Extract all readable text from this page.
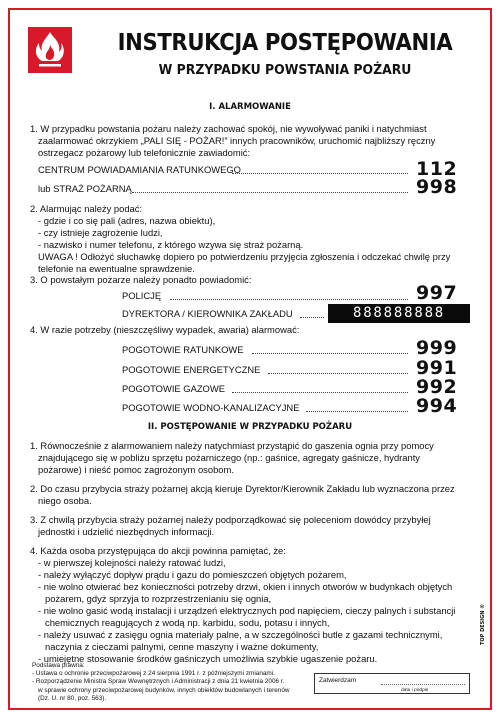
INSTRUKCJA POSTĘPOWANIA
W PRZYPADKU POWSTANIA POŻARU
I. ALARMOWANIE
1. W przypadku powstania pożaru należy zachować spokój, nie wywoływać paniki i natychmiast
zaalarmować okrzykiem „PALI SIĘ - POŻAR!” innych pracowników, uruchomić najbliższy ręczny
ostrzegacz pożarowy lub telefonicznie zawiadomić:
CENTRUM POWIADAMIANIA RATUNKOWEGO	112
lub STRAŻ POŻARNĄ	998
2. Alarmując należy podać:
- gdzie i co się pali (adres, nazwa obiektu),
- czy istnieje zagrożenie ludzi,
- nazwisko i numer telefonu, z którego wzywa się straż pożarną.
UWAGA ! Odłożyć słuchawkę dopiero po potwierdzeniu przyjęcia zgłoszenia i odczekać chwilę przy
telefonie na ewentualne sprawdzenie.
3. O powstałym pożarze należy ponadto powiadomić:
POLICJĘ	997
DYREKTORA / KIEROWNIKA ZAKŁADU	888888888
4. W razie potrzeby (nieszczęśliwy wypadek, awaria) alarmować:
POGOTOWIE RATUNKOWE	999
POGOTOWIE ENERGETYCZNE	991
POGOTOWIE GAZOWE	992
POGOTOWIE WODNO-KANALIZACYJNE	994
II. POSTĘPOWANIE W PRZYPADKU POŻARU
1. Równocześnie z alarmowaniem należy natychmiast przystąpić do gaszenia ognia przy pomocy
znajdującego się w pobliżu sprzętu pożarniczego (np.: gaśnice, agregaty gaśnicze, hydranty
pożarowe) i nieść pomoc zagrożonym osobom.
2. Do czasu przybycia straży pożarnej akcją kieruje Dyrektor/Kierownik Zakładu lub wyznaczona przez
niego osoba.
3. Z chwilą przybycia straży pożarnej należy podporządkować się poleceniom dowódcy przybyłej
jednostki i udzielić niezbędnych informacji.
4. Każda osoba przystępująca do akcji powinna pamiętać, że:
- w pierwszej kolejności należy ratować ludzi,
- należy wyłączyć dopływ prądu i gazu do pomieszczeń objętych pożarem,
- nie wolno otwierać bez konieczności potrzeby drzwi, okien i innych otworów w budynkach objętych
pożarem, gdyż sprzyja to rozprzestrzenianiu się ognia,
- nie wolno gasić wodą instalacji i urządzeń elektrycznych pod napięciem, cieczy palnych i substancji
chemicznych reagujących z wodą np. karbidu, sodu, potasu i innych,
- należy usuwać z zasięgu ognia materiały palne, a w szczególności butle z gazami technicznymi,
naczynia z cieczami palnymi, cenne maszyny i ważne dokumenty,
- umiejętne stosowanie środków gaśniczych umożliwia szybkie ugaszenie pożaru.
Podstawa prawna:
- Ustawa o ochronie przeciwpożarowej z 24 sierpnia 1991 r. z późniejszymi zmianami.
- Rozporządzenie Ministra Spraw Wewnętrznych i Administracji z dnia 21 kwietnia 2006 r.
w sprawie ochrony przeciwpożarowej budynków, innych obiektów budowlanych i terenów
(Dz. U. nr 80, poz. 563).
Zatwierdzam
data i podpis
TOP DESIGN ®
